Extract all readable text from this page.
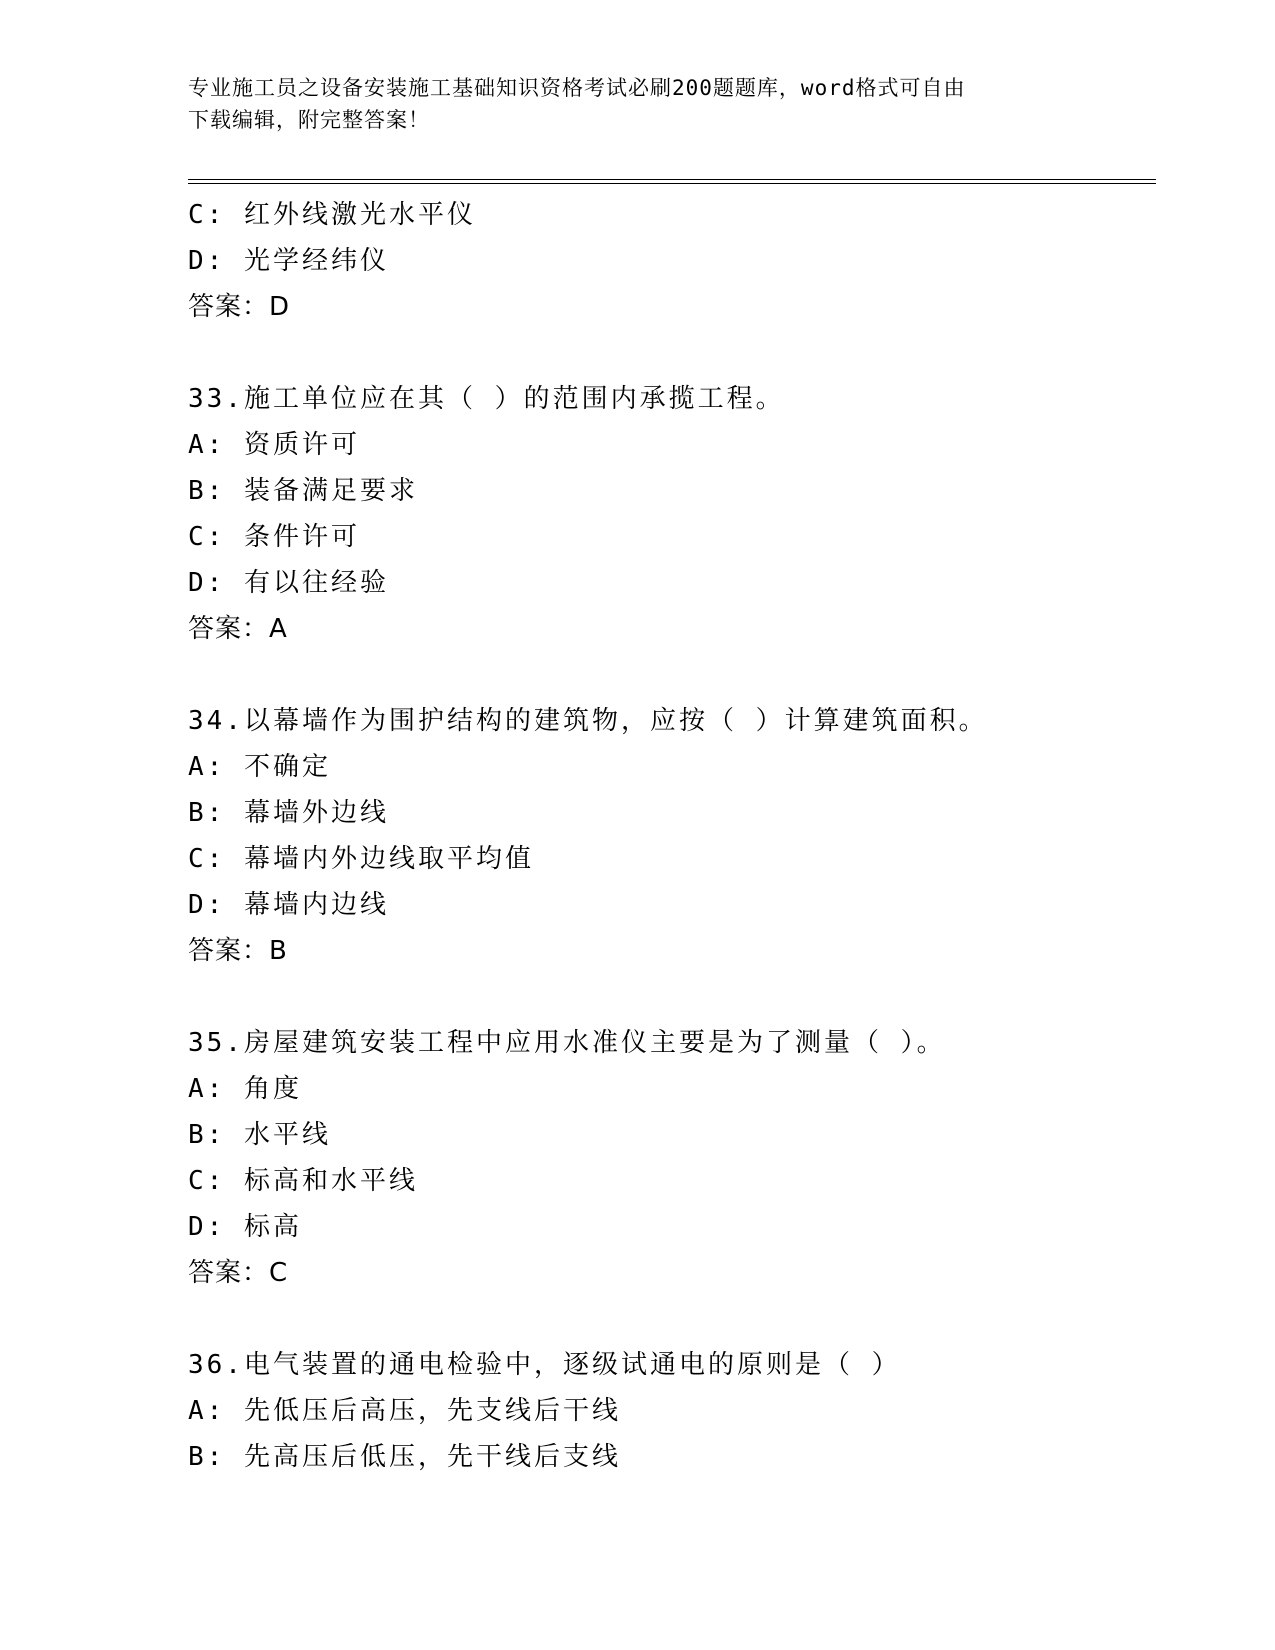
专业施工员之设备安装施工基础知识资格考试必刷200题题库，word格式可自由
下载编辑，附完整答案！
C: 红外线激光水平仪
D: 光学经纬仪
答案：D
33.施工单位应在其（ ）的范围内承揽工程。
A: 资质许可
B: 装备满足要求
C: 条件许可
D: 有以往经验
答案：A
34.以幕墙作为围护结构的建筑物，应按（ ）计算建筑面积。
A: 不确定
B: 幕墙外边线
C: 幕墙内外边线取平均值
D: 幕墙内边线
答案：B
35.房屋建筑安装工程中应用水准仪主要是为了测量（ ）。
A: 角度
B: 水平线
C: 标高和水平线
D: 标高
答案：C
36.电气装置的通电检验中，逐级试通电的原则是（ ）
A: 先低压后高压，先支线后干线
B: 先高压后低压，先干线后支线
